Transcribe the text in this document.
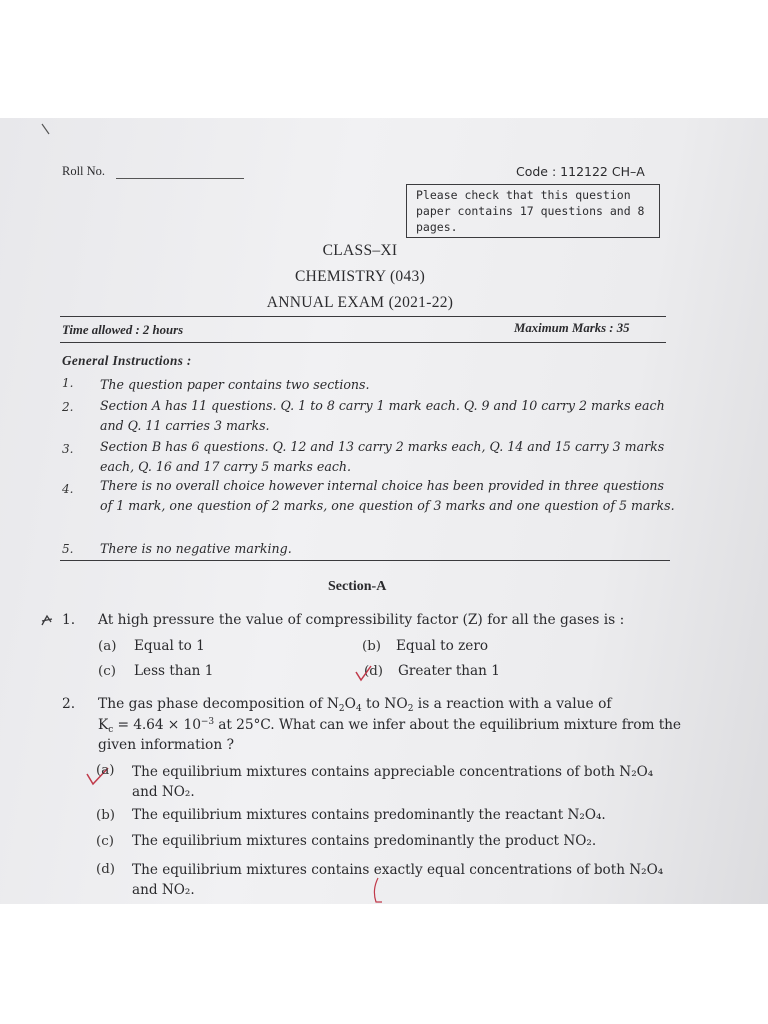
Roll No.	Code : 112122 CH–A
Please check that this question paper contains 17 questions and 8 pages.
CLASS–XI
CHEMISTRY (043)
ANNUAL EXAM (2021-22)
Time allowed : 2 hours	Maximum Marks : 35
General Instructions :
1. The question paper contains two sections.
2. Section A has 11 questions. Q. 1 to 8 carry 1 mark each. Q. 9 and 10 carry 2 marks each and Q. 11 carries 3 marks.
3. Section B has 6 questions. Q. 12 and 13 carry 2 marks each, Q. 14 and 15 carry 3 marks each, Q. 16 and 17 carry 5 marks each.
4. There is no overall choice however internal choice has been provided in three questions of 1 mark, one question of 2 marks, one question of 3 marks and one question of 5 marks.
5. There is no negative marking.
Section-A
1. At high pressure the value of compressibility factor (Z) for all the gases is :
(a) Equal to 1	(b) Equal to zero
(c) Less than 1	(d) Greater than 1
2. The gas phase decomposition of $N_2O_4$ to $NO_2$ is a reaction with a value of
$K_c = 4.64 \times 10^{-3}$ at 25°C. What can we infer about the equilibrium mixture from the
given information ?
(a) The equilibrium mixtures contains appreciable concentrations of both N₂O₄ and NO₂.
(b) The equilibrium mixtures contains predominantly the reactant N₂O₄.
(c) The equilibrium mixtures contains predominantly the product NO₂.
(d) The equilibrium mixtures contains exactly equal concentrations of both N₂O₄ and NO₂.
